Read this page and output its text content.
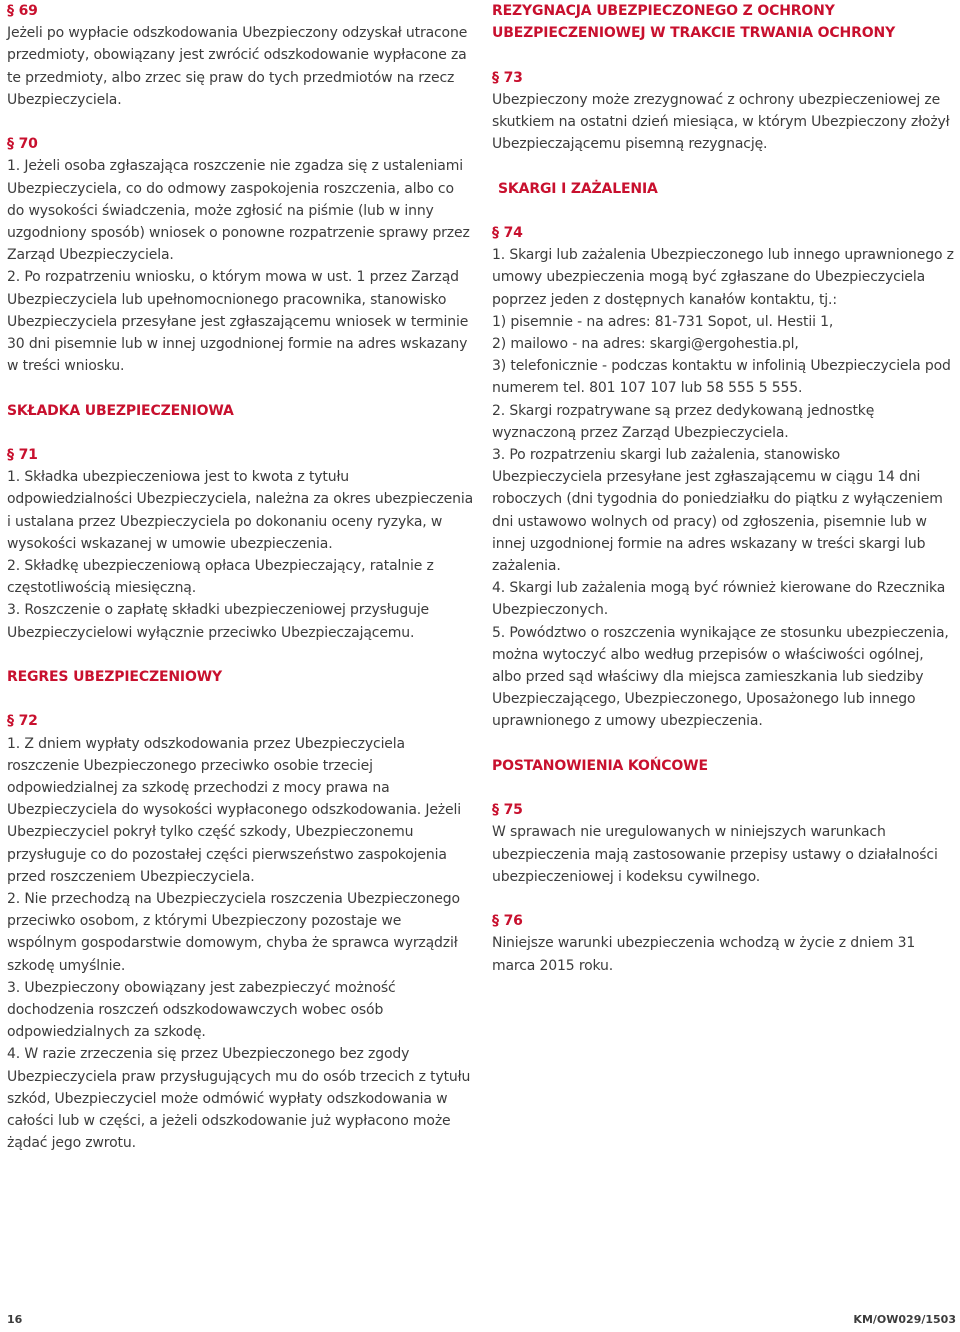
§ 69

Jeżeli po wypłacie odszkodowania Ubezpieczony odzyskał utracone przedmioty, obowiązany jest zwrócić odszkodowanie wypłacone za te przedmioty, albo zrzec się praw do tych przedmiotów na rzecz Ubezpieczyciela.

§ 70

1. Jeżeli osoba zgłaszająca roszczenie nie zgadza się z ustaleniami Ubezpieczyciela, co do odmowy zaspokojenia roszczenia, albo co do wysokości świadczenia, może zgłosić na piśmie (lub w inny uzgodniony sposób) wniosek o ponowne rozpatrzenie sprawy przez Zarząd Ubezpieczyciela.

2. Po rozpatrzeniu wniosku, o którym mowa w ust. 1 przez Zarząd Ubezpieczyciela lub upełnomocnionego pracownika, stanowisko Ubezpieczyciela przesyłane jest zgłaszającemu wniosek w terminie 30 dni pisemnie lub w innej uzgodnionej formie na adres wskazany w treści wniosku.

SKŁADKA UBEZPIECZENIOWA
§ 71

1. Składka ubezpieczeniowa jest to kwota z tytułu odpowiedzialności Ubezpieczyciela, należna za okres ubezpieczenia i ustalana przez Ubezpieczyciela po dokonaniu oceny ryzyka, w wysokości wskazanej w umowie ubezpieczenia.

2. Składkę ubezpieczeniową opłaca Ubezpieczający, ratalnie z częstotliwością miesięczną.

3. Roszczenie o zapłatę składki ubezpieczeniowej przysługuje Ubezpieczycielowi wyłącznie przeciwko Ubezpieczającemu.

REGRES UBEZPIECZENIOWY
§ 72

1. Z dniem wypłaty odszkodowania przez Ubezpieczyciela roszczenie Ubezpieczonego przeciwko osobie trzeciej odpowiedzialnej za szkodę przechodzi z mocy prawa na Ubezpieczyciela do wysokości wypłaconego odszkodowania. Jeżeli Ubezpieczyciel pokrył tylko część szkody, Ubezpieczonemu przysługuje co do pozostałej części pierwszeństwo zaspokojenia przed roszczeniem Ubezpieczyciela.

2. Nie przechodzą na Ubezpieczyciela roszczenia Ubezpieczonego przeciwko osobom, z którymi Ubezpieczony pozostaje we wspólnym gospodarstwie domowym, chyba że sprawca wyrządził szkodę umyślnie.

3. Ubezpieczony obowiązany jest zabezpieczyć możność dochodzenia roszczeń odszkodowawczych wobec osób odpowiedzialnych za szkodę.

4. W razie zrzeczenia się przez Ubezpieczonego bez zgody Ubezpieczyciela praw przysługujących mu do osób trzecich z tytułu szkód, Ubezpieczyciel może odmówić wypłaty odszkodowania w całości lub w części, a jeżeli odszkodowanie już wypłacono może żądać jego zwrotu.

REZYGNACJA UBEZPIECZONEGO Z OCHRONY UBEZPIECZENIOWEJ W TRAKCIE TRWANIA OCHRONY
§ 73

Ubezpieczony może zrezygnować z ochrony ubezpieczeniowej ze skutkiem na ostatni dzień miesiąca, w którym Ubezpieczony złożył Ubezpieczającemu pisemną rezygnację.

SKARGI I ZAŻALENIA
§ 74

1. Skargi lub zażalenia Ubezpieczonego lub innego uprawnionego z umowy ubezpieczenia mogą być zgłaszane do Ubezpieczyciela poprzez jeden z dostępnych kanałów kontaktu, tj.:

1) pisemnie - na adres: 81-731 Sopot, ul. Hestii 1,

2) mailowo - na adres: skargi@ergohestia.pl,

3) telefonicznie - podczas kontaktu w infolinią Ubezpieczyciela pod numerem tel. 801 107 107 lub 58 555 5 555.

2. Skargi rozpatrywane są przez dedykowaną jednostkę wyznaczoną przez Zarząd Ubezpieczyciela.

3. Po rozpatrzeniu skargi lub zażalenia, stanowisko Ubezpieczyciela przesyłane jest zgłaszającemu w ciągu 14 dni roboczych (dni tygodnia do poniedziałku do piątku z wyłączeniem dni ustawowo wolnych od pracy) od zgłoszenia, pisemnie lub w innej uzgodnionej formie na adres wskazany w treści skargi lub zażalenia.

4. Skargi lub zażalenia mogą być również kierowane do Rzecznika Ubezpieczonych.

5. Powództwo o roszczenia wynikające ze stosunku ubezpieczenia, można wytoczyć albo według przepisów o właściwości ogólnej, albo przed sąd właściwy dla miejsca zamieszkania lub siedziby Ubezpieczającego, Ubezpieczonego, Uposażonego lub innego uprawnionego z umowy ubezpieczenia.

POSTANOWIENIA KOŃCOWE
§ 75

W sprawach nie uregulowanych w niniejszych warunkach ubezpieczenia mają zastosowanie przepisy ustawy o działalności ubezpieczeniowej i kodeksu cywilnego.

§ 76

Niniejsze warunki ubezpieczenia wchodzą w życie z dniem 31 marca 2015 roku.

16	KM/OW029/1503
